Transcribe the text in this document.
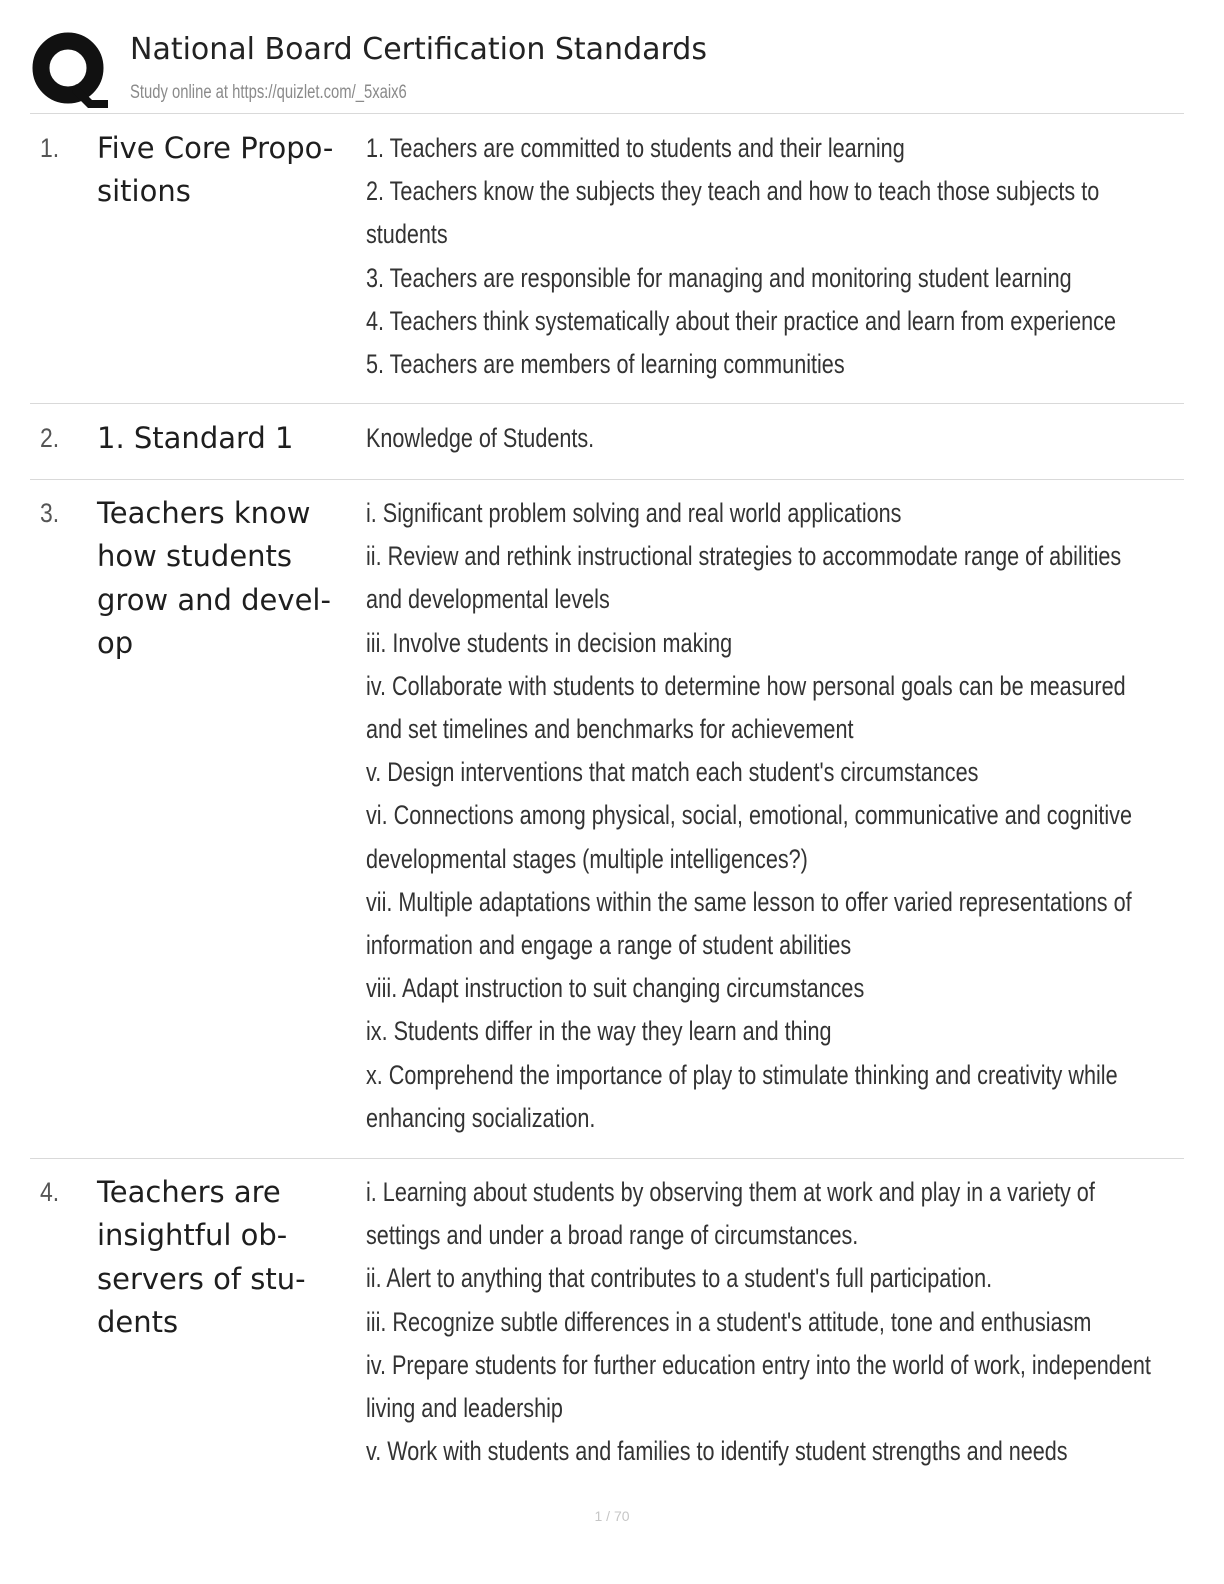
National Board Certification Standards
Study online at https://quizlet.com/_5xaix6
1. Five Core Propo-
sitions
1. Teachers are committed to students and their learning
2. Teachers know the subjects they teach and how to teach those subjects to
students
3. Teachers are responsible for managing and monitoring student learning
4. Teachers think systematically about their practice and learn from experience
5. Teachers are members of learning communities
2. 1. Standard 1	Knowledge of Students.
3. Teachers know
how students
grow and devel-
op
i. Significant problem solving and real world applications
ii. Review and rethink instructional strategies to accommodate range of abilities
and developmental levels
iii. Involve students in decision making
iv. Collaborate with students to determine how personal goals can be measured
and set timelines and benchmarks for achievement
v. Design interventions that match each student's circumstances
vi. Connections among physical, social, emotional, communicative and cognitive
developmental stages (multiple intelligences?)
vii. Multiple adaptations within the same lesson to offer varied representations of
information and engage a range of student abilities
viii. Adapt instruction to suit changing circumstances
ix. Students differ in the way they learn and thing
x. Comprehend the importance of play to stimulate thinking and creativity while
enhancing socialization.
4. Teachers are
insightful ob-
servers of stu-
dents
i. Learning about students by observing them at work and play in a variety of
settings and under a broad range of circumstances.
ii. Alert to anything that contributes to a student's full participation.
iii. Recognize subtle differences in a student's attitude, tone and enthusiasm
iv. Prepare students for further education entry into the world of work, independent
living and leadership
v. Work with students and families to identify student strengths and needs
1 / 70
